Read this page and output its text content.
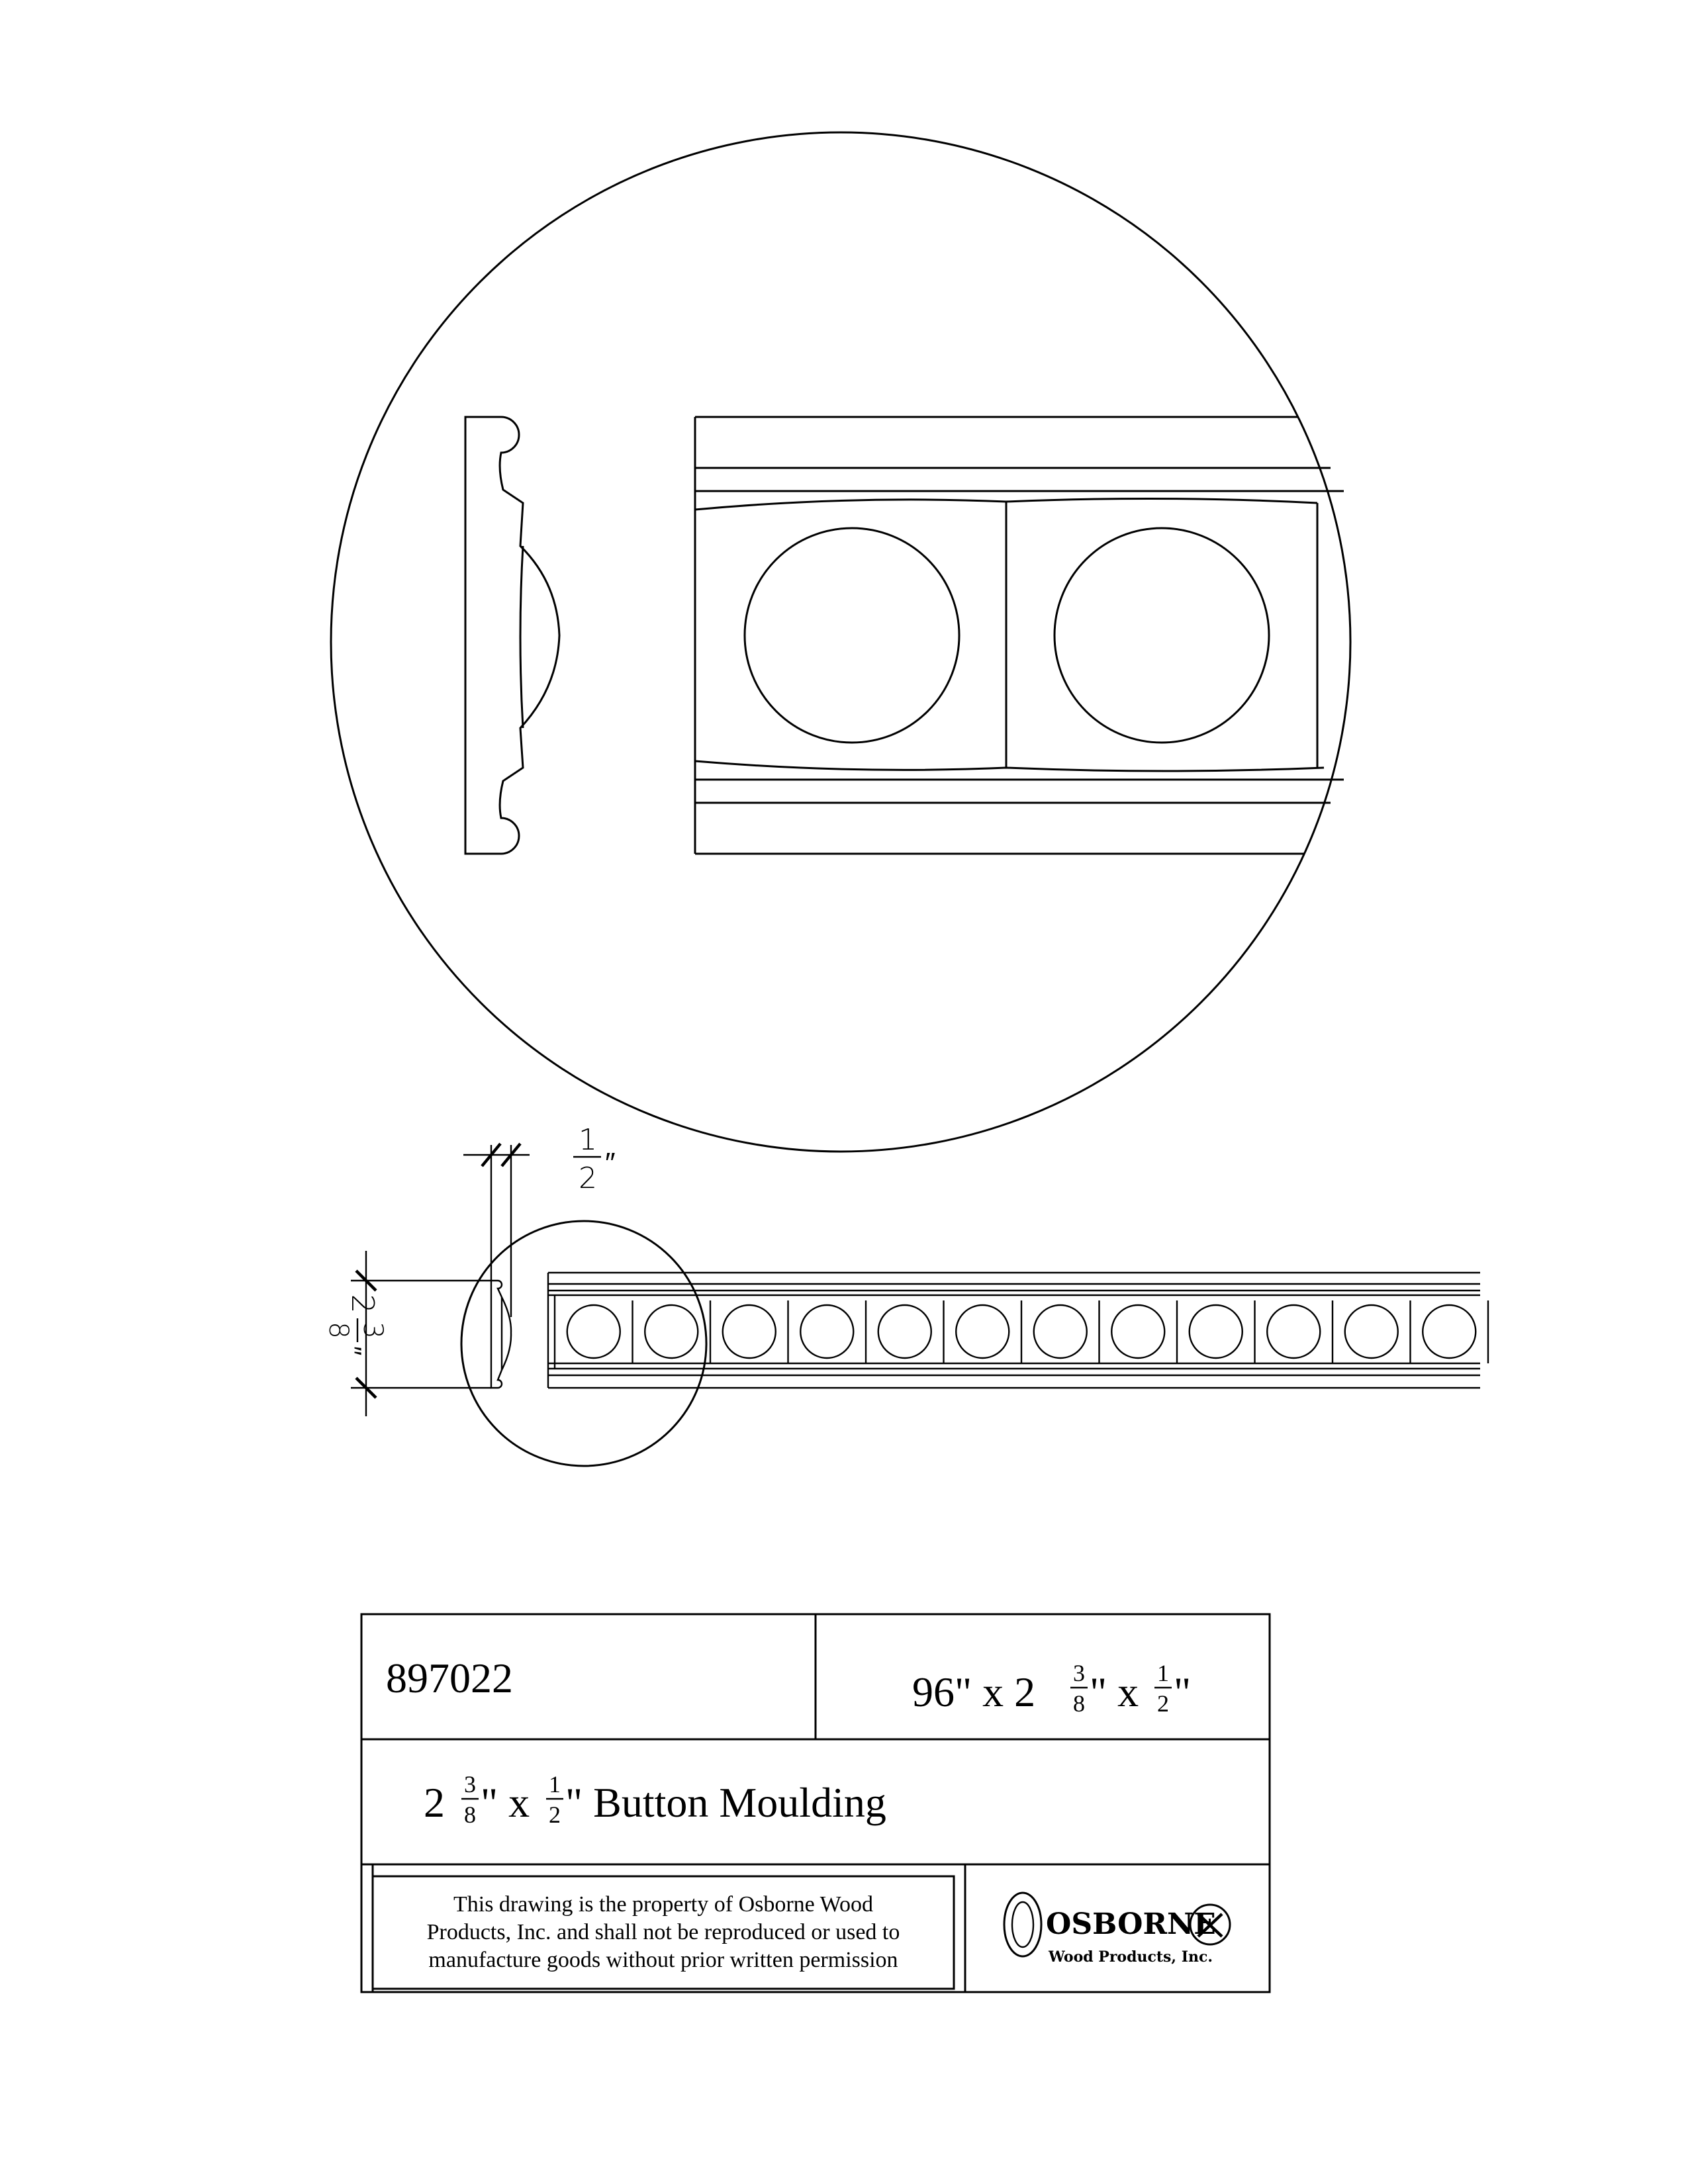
1
2 ″
2
3
8
″
897022	96" x 2 3
8 " x 1
2 "
2 3
8 " x 1
2 " Button Moulding
This drawing is the property of Osborne Wood
Products, Inc. and shall not be reproduced or used to
manufacture goods without prior written permission
OSBORNE
Wood Products, Inc.
